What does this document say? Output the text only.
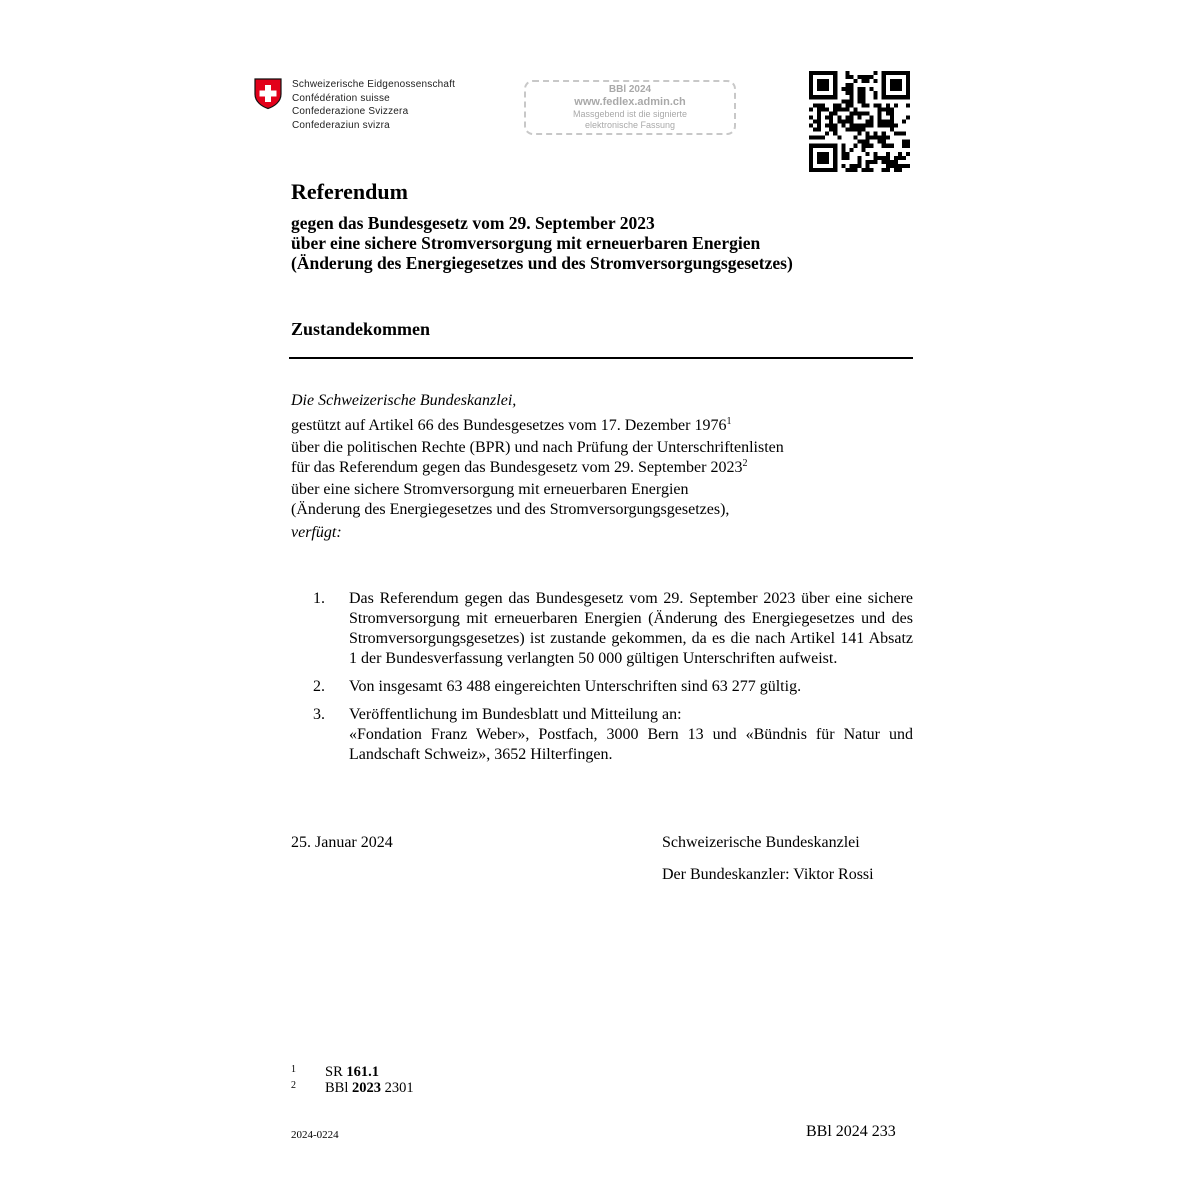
Schweizerische Eidgenossenschaft
Confédération suisse
Confederazione Svizzera
Confederaziun svizra
BBl 2024
www.fedlex.admin.ch
Massgebend ist die signierte
elektronische Fassung
Referendum
gegen das Bundesgesetz vom 29. September 2023
über eine sichere Stromversorgung mit erneuerbaren Energien
(Änderung des Energiegesetzes und des Stromversorgungsgesetzes)
Zustandekommen
Die Schweizerische Bundeskanzlei,
gestützt auf Artikel 66 des Bundesgesetzes vom 17. Dezember 1976$^1$
über die politischen Rechte (BPR) und nach Prüfung der Unterschriftenlisten
für das Referendum gegen das Bundesgesetz vom 29. September 2023$^2$
über eine sichere Stromversorgung mit erneuerbaren Energien
(Änderung des Energiegesetzes und des Stromversorgungsgesetzes),
verfügt:
1.	Das Referendum gegen das Bundesgesetz vom 29. September 2023 über eine sichere Stromversorgung mit erneuerbaren Energien (Änderung des Energiegesetzes und des Stromversorgungsgesetzes) ist zustande gekommen, da es die nach Artikel 141 Absatz 1 der Bundesverfassung verlangten 50 000 gültigen Unterschriften aufweist.
2.	Von insgesamt 63 488 eingereichten Unterschriften sind 63 277 gültig.
3.	Veröffentlichung im Bundesblatt und Mitteilung an:
«Fondation Franz Weber», Postfach, 3000 Bern 13 und «Bündnis für Natur und Landschaft Schweiz», 3652 Hilterfingen.
25. Januar 2024	Schweizerische Bundeskanzlei
Der Bundeskanzler: Viktor Rossi
1	SR 161.1
2	BBl 2023 2301
2024-0224	BBl 2024 233
